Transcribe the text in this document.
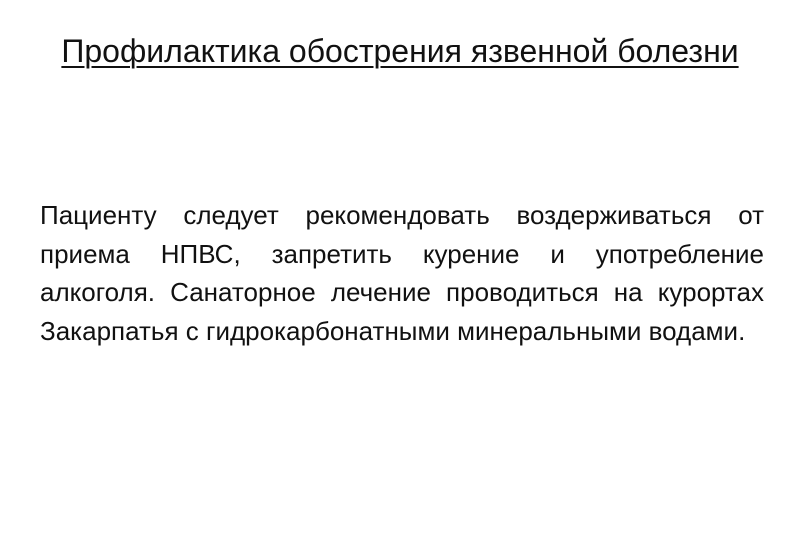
Профилактика обострения язвенной болезни

Пациенту следует рекомендовать воздерживаться от приема НПВС, запретить курение и употребление алкоголя. Санаторное лечение проводиться на курортах Закарпатья с гидрокарбонатными минеральными водами.
